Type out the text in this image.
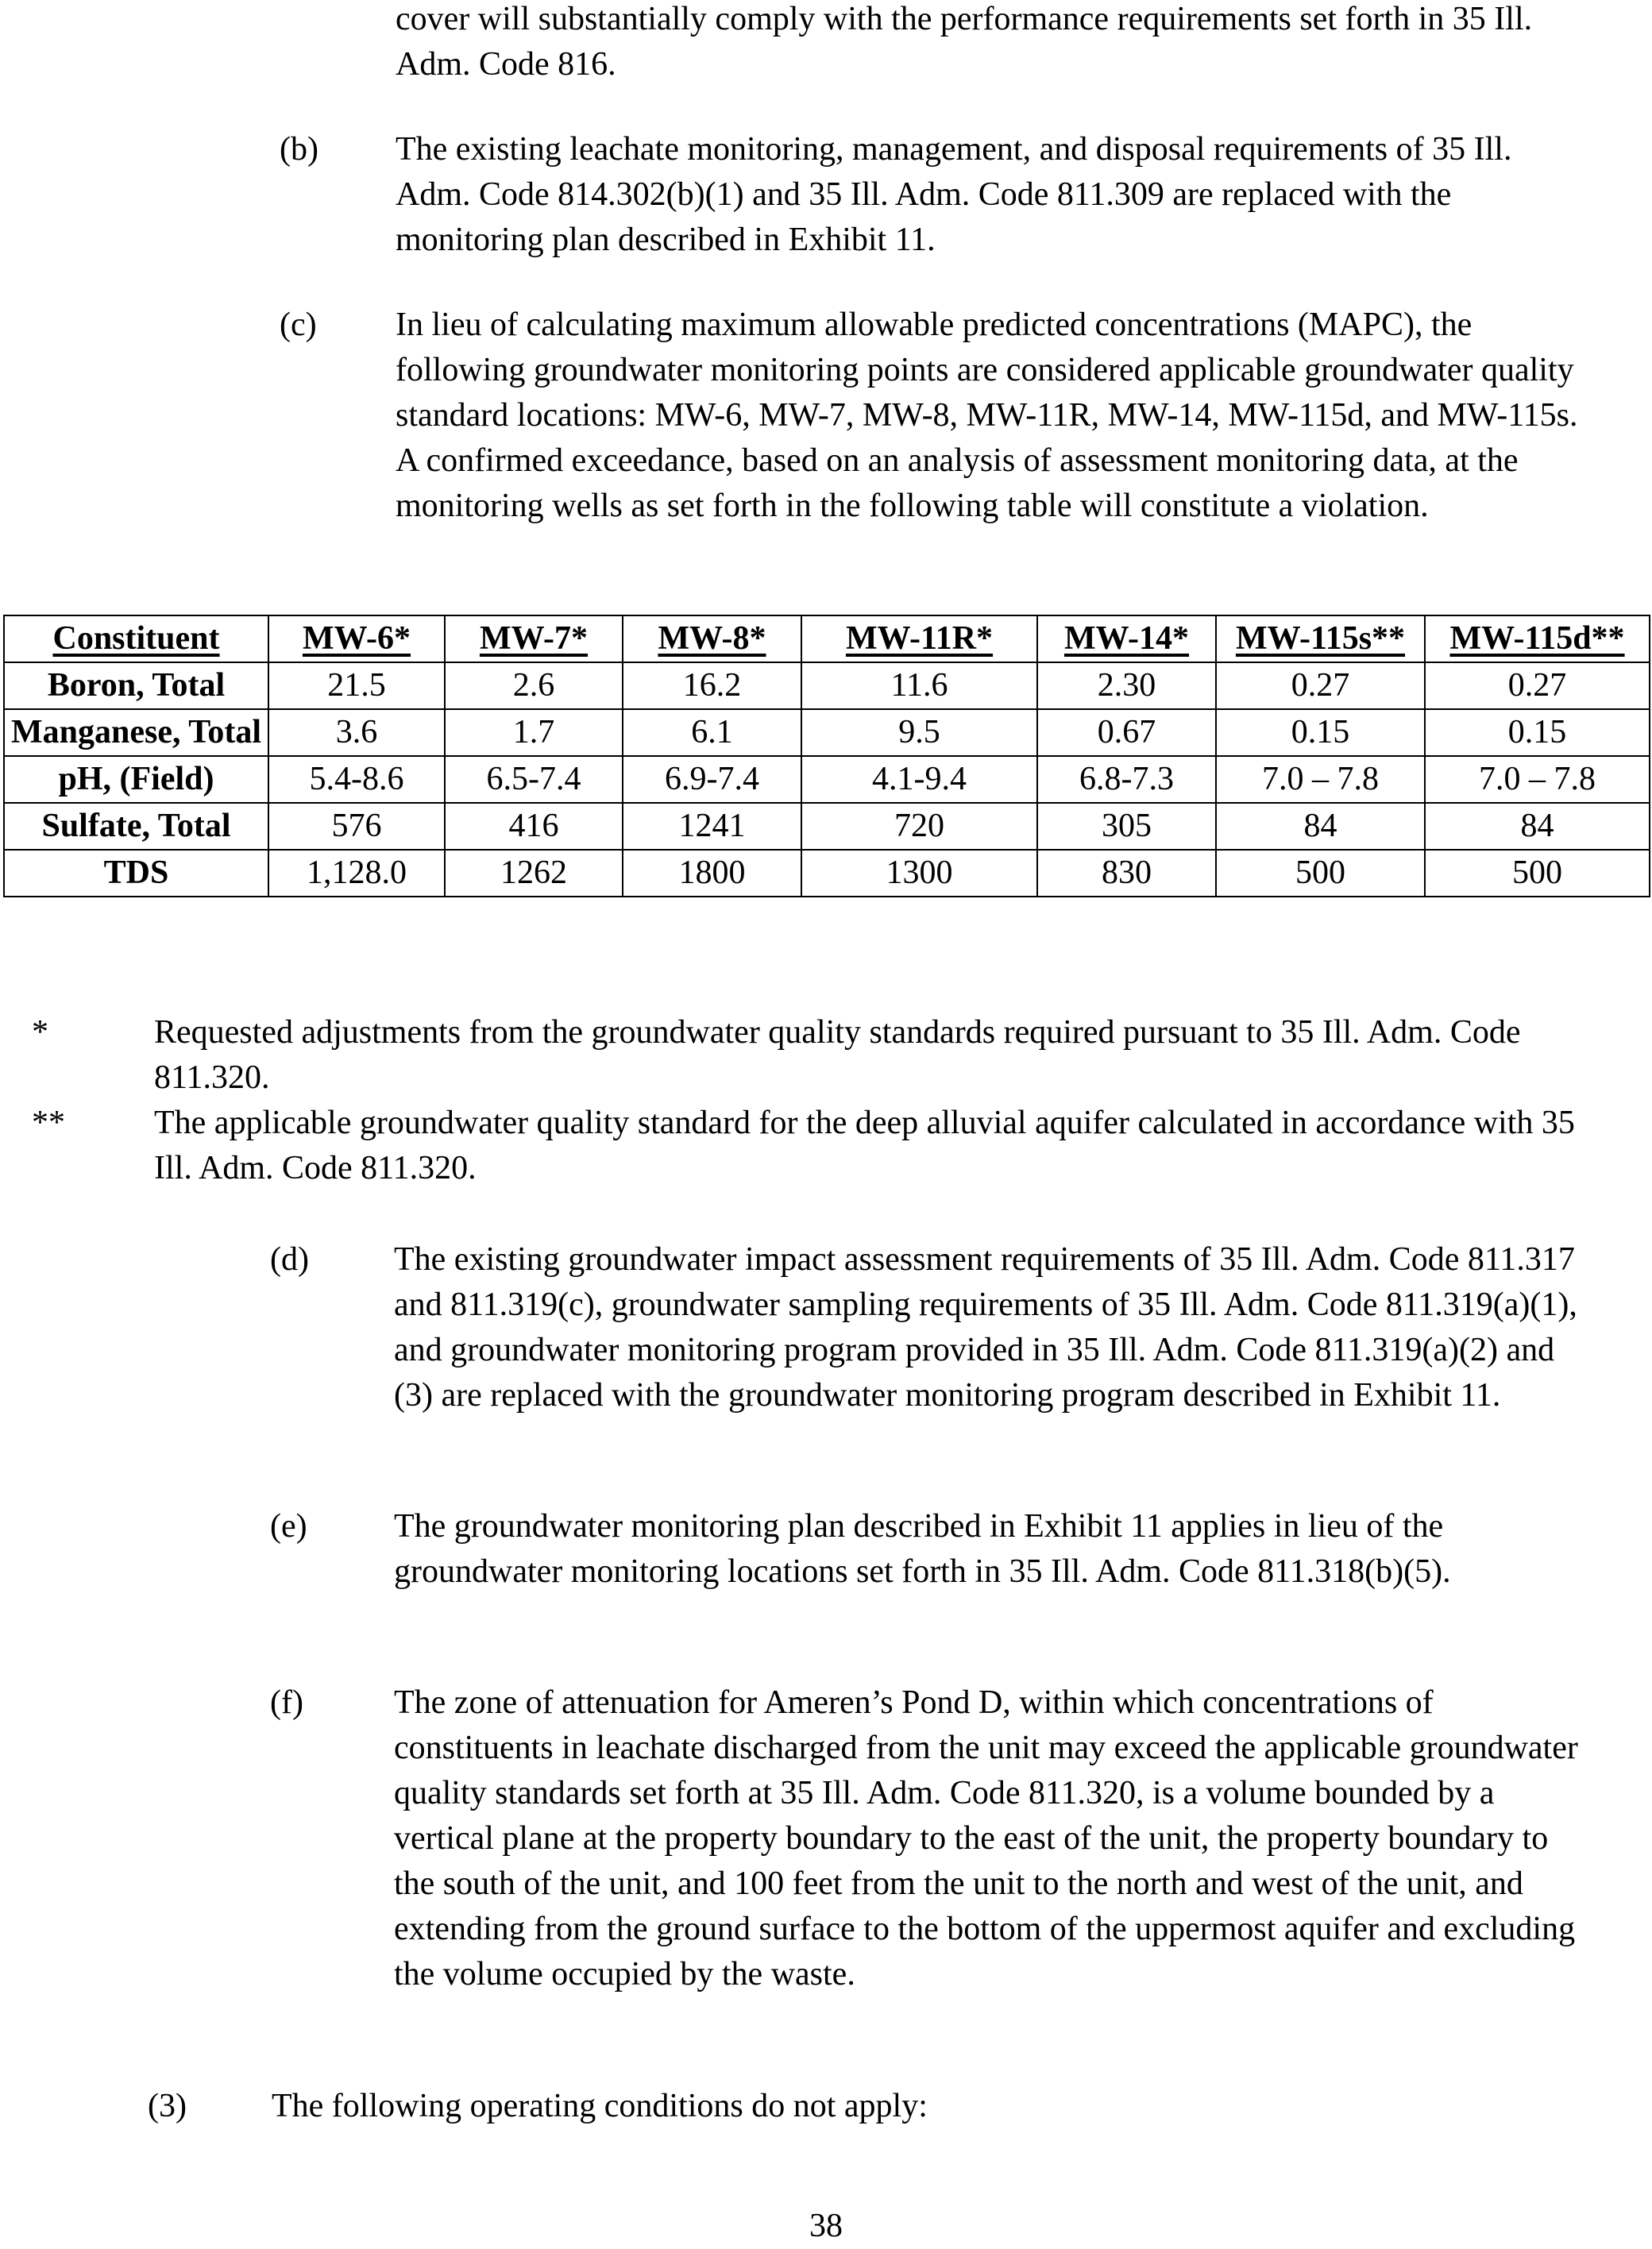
cover will substantially comply with the performance requirements set forth in 35 Ill. Adm. Code 816.
(b) The existing leachate monitoring, management, and disposal requirements of 35 Ill. Adm. Code 814.302(b)(1) and 35 Ill. Adm. Code 811.309 are replaced with the monitoring plan described in Exhibit 11.
(c) In lieu of calculating maximum allowable predicted concentrations (MAPC), the following groundwater monitoring points are considered applicable groundwater quality standard locations: MW-6, MW-7, MW-8, MW-11R, MW-14, MW-115d, and MW-115s. A confirmed exceedance, based on an analysis of assessment monitoring data, at the monitoring wells as set forth in the following table will constitute a violation.
Constituent	MW-6*	MW-7*	MW-8*	MW-11R*	MW-14*	MW-115s**	MW-115d**
Boron, Total	21.5	2.6	16.2	11.6	2.30	0.27	0.27
Manganese, Total	3.6	1.7	6.1	9.5	0.67	0.15	0.15
pH, (Field)	5.4-8.6	6.5-7.4	6.9-7.4	4.1-9.4	6.8-7.3	7.0 – 7.8	7.0 – 7.8
Sulfate, Total	576	416	1241	720	305	84	84
TDS	1,128.0	1262	1800	1300	830	500	500
*	Requested adjustments from the groundwater quality standards required pursuant to 35 Ill. Adm. Code 811.320.
**	The applicable groundwater quality standard for the deep alluvial aquifer calculated in accordance with 35 Ill. Adm. Code 811.320.
(d)	The existing groundwater impact assessment requirements of 35 Ill. Adm. Code 811.317 and 811.319(c), groundwater sampling requirements of 35 Ill. Adm. Code 811.319(a)(1), and groundwater monitoring program provided in 35 Ill. Adm. Code 811.319(a)(2) and (3) are replaced with the groundwater monitoring program described in Exhibit 11.
(e)	The groundwater monitoring plan described in Exhibit 11 applies in lieu of the groundwater monitoring locations set forth in 35 Ill. Adm. Code 811.318(b)(5).
(f)	The zone of attenuation for Ameren’s Pond D, within which concentrations of constituents in leachate discharged from the unit may exceed the applicable groundwater quality standards set forth at 35 Ill. Adm. Code 811.320, is a volume bounded by a vertical plane at the property boundary to the east of the unit, the property boundary to the south of the unit, and 100 feet from the unit to the north and west of the unit, and extending from the ground surface to the bottom of the uppermost aquifer and excluding the volume occupied by the waste.
(3)	The following operating conditions do not apply:
38
